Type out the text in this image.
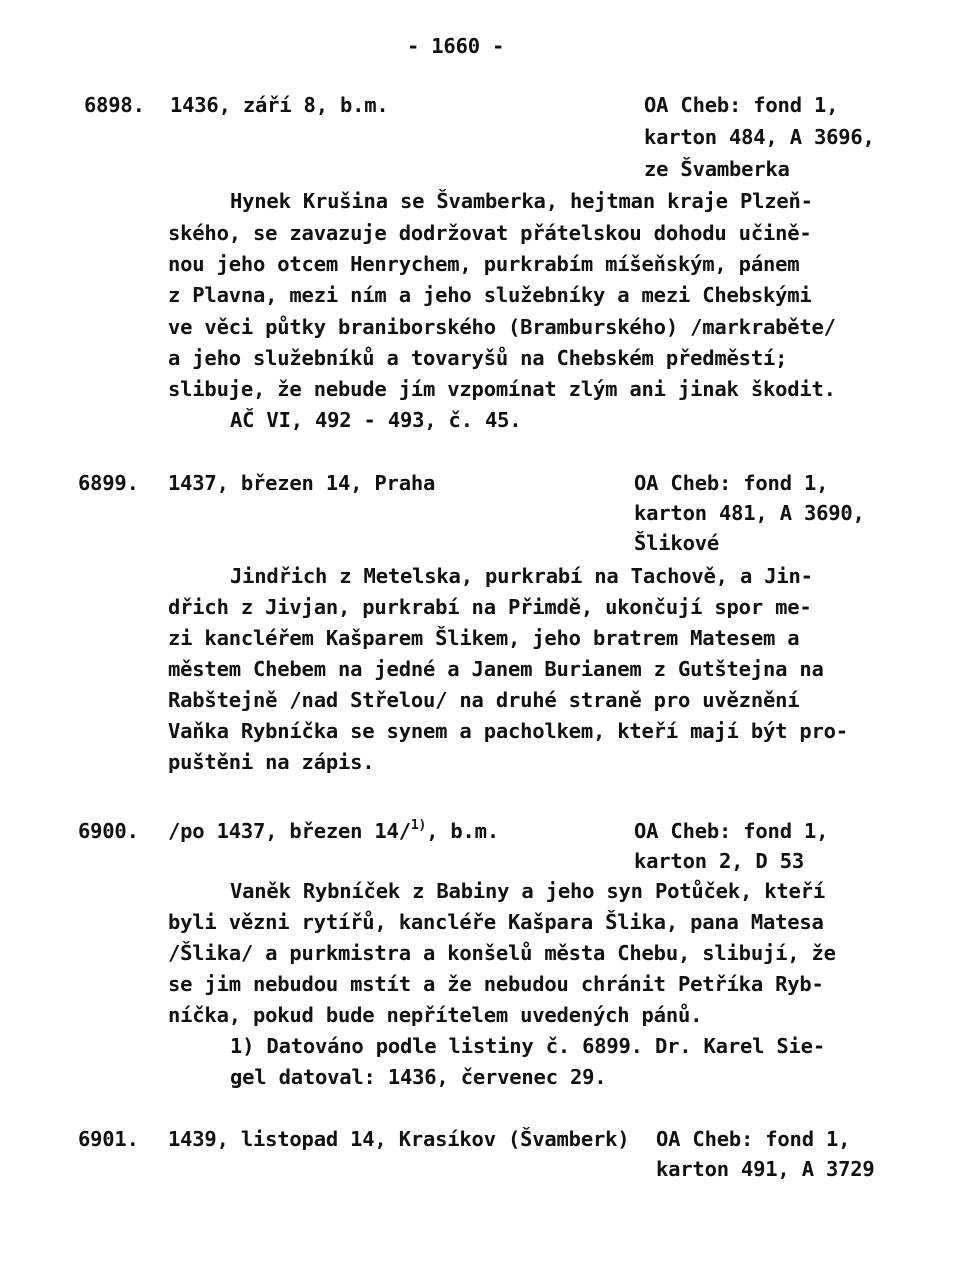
- 1660 -
6898. 1436, září 8, b.m.	OA Cheb: fond 1,
karton 484, A 3696,
ze Švamberka
Hynek Krušina se Švamberka, hejtman kraje Plzeň-
ského, se zavazuje dodržovat přátelskou dohodu učině-
nou jeho otcem Henrychem, purkrabím míšeňským, pánem
z Plavna, mezi ním a jeho služebníky a mezi Chebskými
ve věci půtky braniborského (Bramburského) /markraběte/
a jeho služebníků a tovaryšů na Chebském předměstí;
slibuje, že nebude jím vzpomínat zlým ani jinak škodit.
AČ VI, 492 - 493, č. 45.
6899. 1437, březen 14, Praha	OA Cheb: fond 1,
karton 481, A 3690,
Šlikové
Jindřich z Metelska, purkrabí na Tachově, a Jin-
dřich z Jivjan, purkrabí na Přimdě, ukončují spor me-
zi kancléřem Kašparem Šlikem, jeho bratrem Matesem a
městem Chebem na jedné a Janem Burianem z Gutštejna na
Rabštejně /nad Střelou/ na druhé straně pro uvěznění
Vaňka Rybníčka se synem a pacholkem, kteří mají být pro-
puštěni na zápis.
6900. /po 1437, březen 14/$^{1)}$, b.m.	OA Cheb: fond 1,
karton 2, D 53
Vaněk Rybníček z Babiny a jeho syn Potůček, kteří
byli vězni rytířů, kancléře Kašpara Šlika, pana Matesa
/Šlika/ a purkmistra a konšelů města Chebu, slibují, že
se jim nebudou mstít a že nebudou chránit Petříka Ryb-
níčka, pokud bude nepřítelem uvedených pánů.
1) Datováno podle listiny č. 6899. Dr. Karel Sie-
gel datoval: 1436, červenec 29.
6901. 1439, listopad 14, Krasíkov (Švamberk) OA Cheb: fond 1,
karton 491, A 3729
